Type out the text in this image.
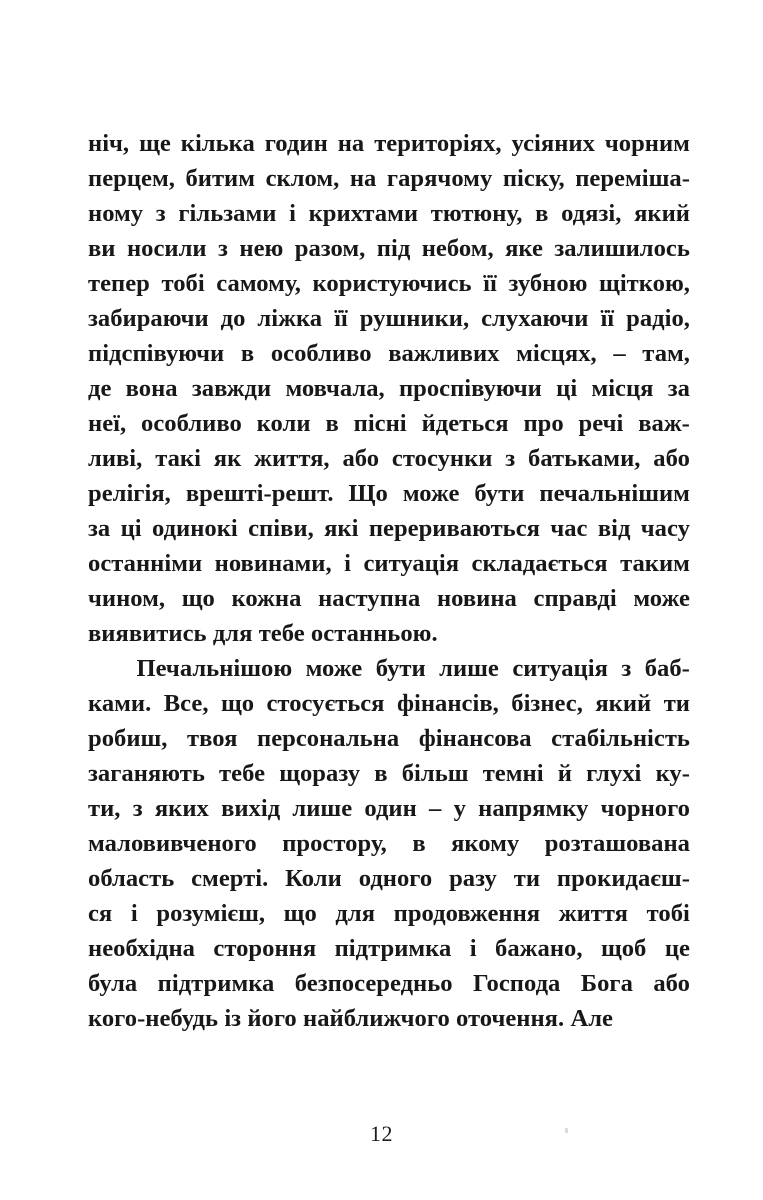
ніч, ще кілька годин на територіях, усіяних чорним
перцем, битим склом, на гарячому піску, переміша-
ному з гільзами і крихтами тютюну, в одязі, який
ви носили з нею разом, під небом, яке залишилось
тепер тобі самому, користуючись її зубною щіткою,
забираючи до ліжка її рушники, слухаючи її радіо,
підспівуючи в особливо важливих місцях, – там,
де вона завжди мовчала, проспівуючи ці місця за
неї, особливо коли в пісні йдеться про речі важ-
ливі, такі як життя, або стосунки з батьками, або
релігія, врешті-решт. Що може бути печальнішим
за ці одинокі співи, які перериваються час від часу
останніми новинами, і ситуація складається таким
чином, що кожна наступна новина справді може
виявитись для тебе останньою.

Печальнішою може бути лише ситуація з баб-
ками. Все, що стосується фінансів, бізнес, який ти
робиш, твоя персональна фінансова стабільність
заганяють тебе щоразу в більш темні й глухі ку-
ти, з яких вихід лише один – у напрямку чорного
маловивченого простору, в якому розташована
область смерті. Коли одного разу ти прокидаєш-
ся і розумієш, що для продовження життя тобі
необхідна стороння підтримка і бажано, щоб це
була підтримка безпосередньо Господа Бога або
кого-небудь із його найближчого оточення. Але

12
